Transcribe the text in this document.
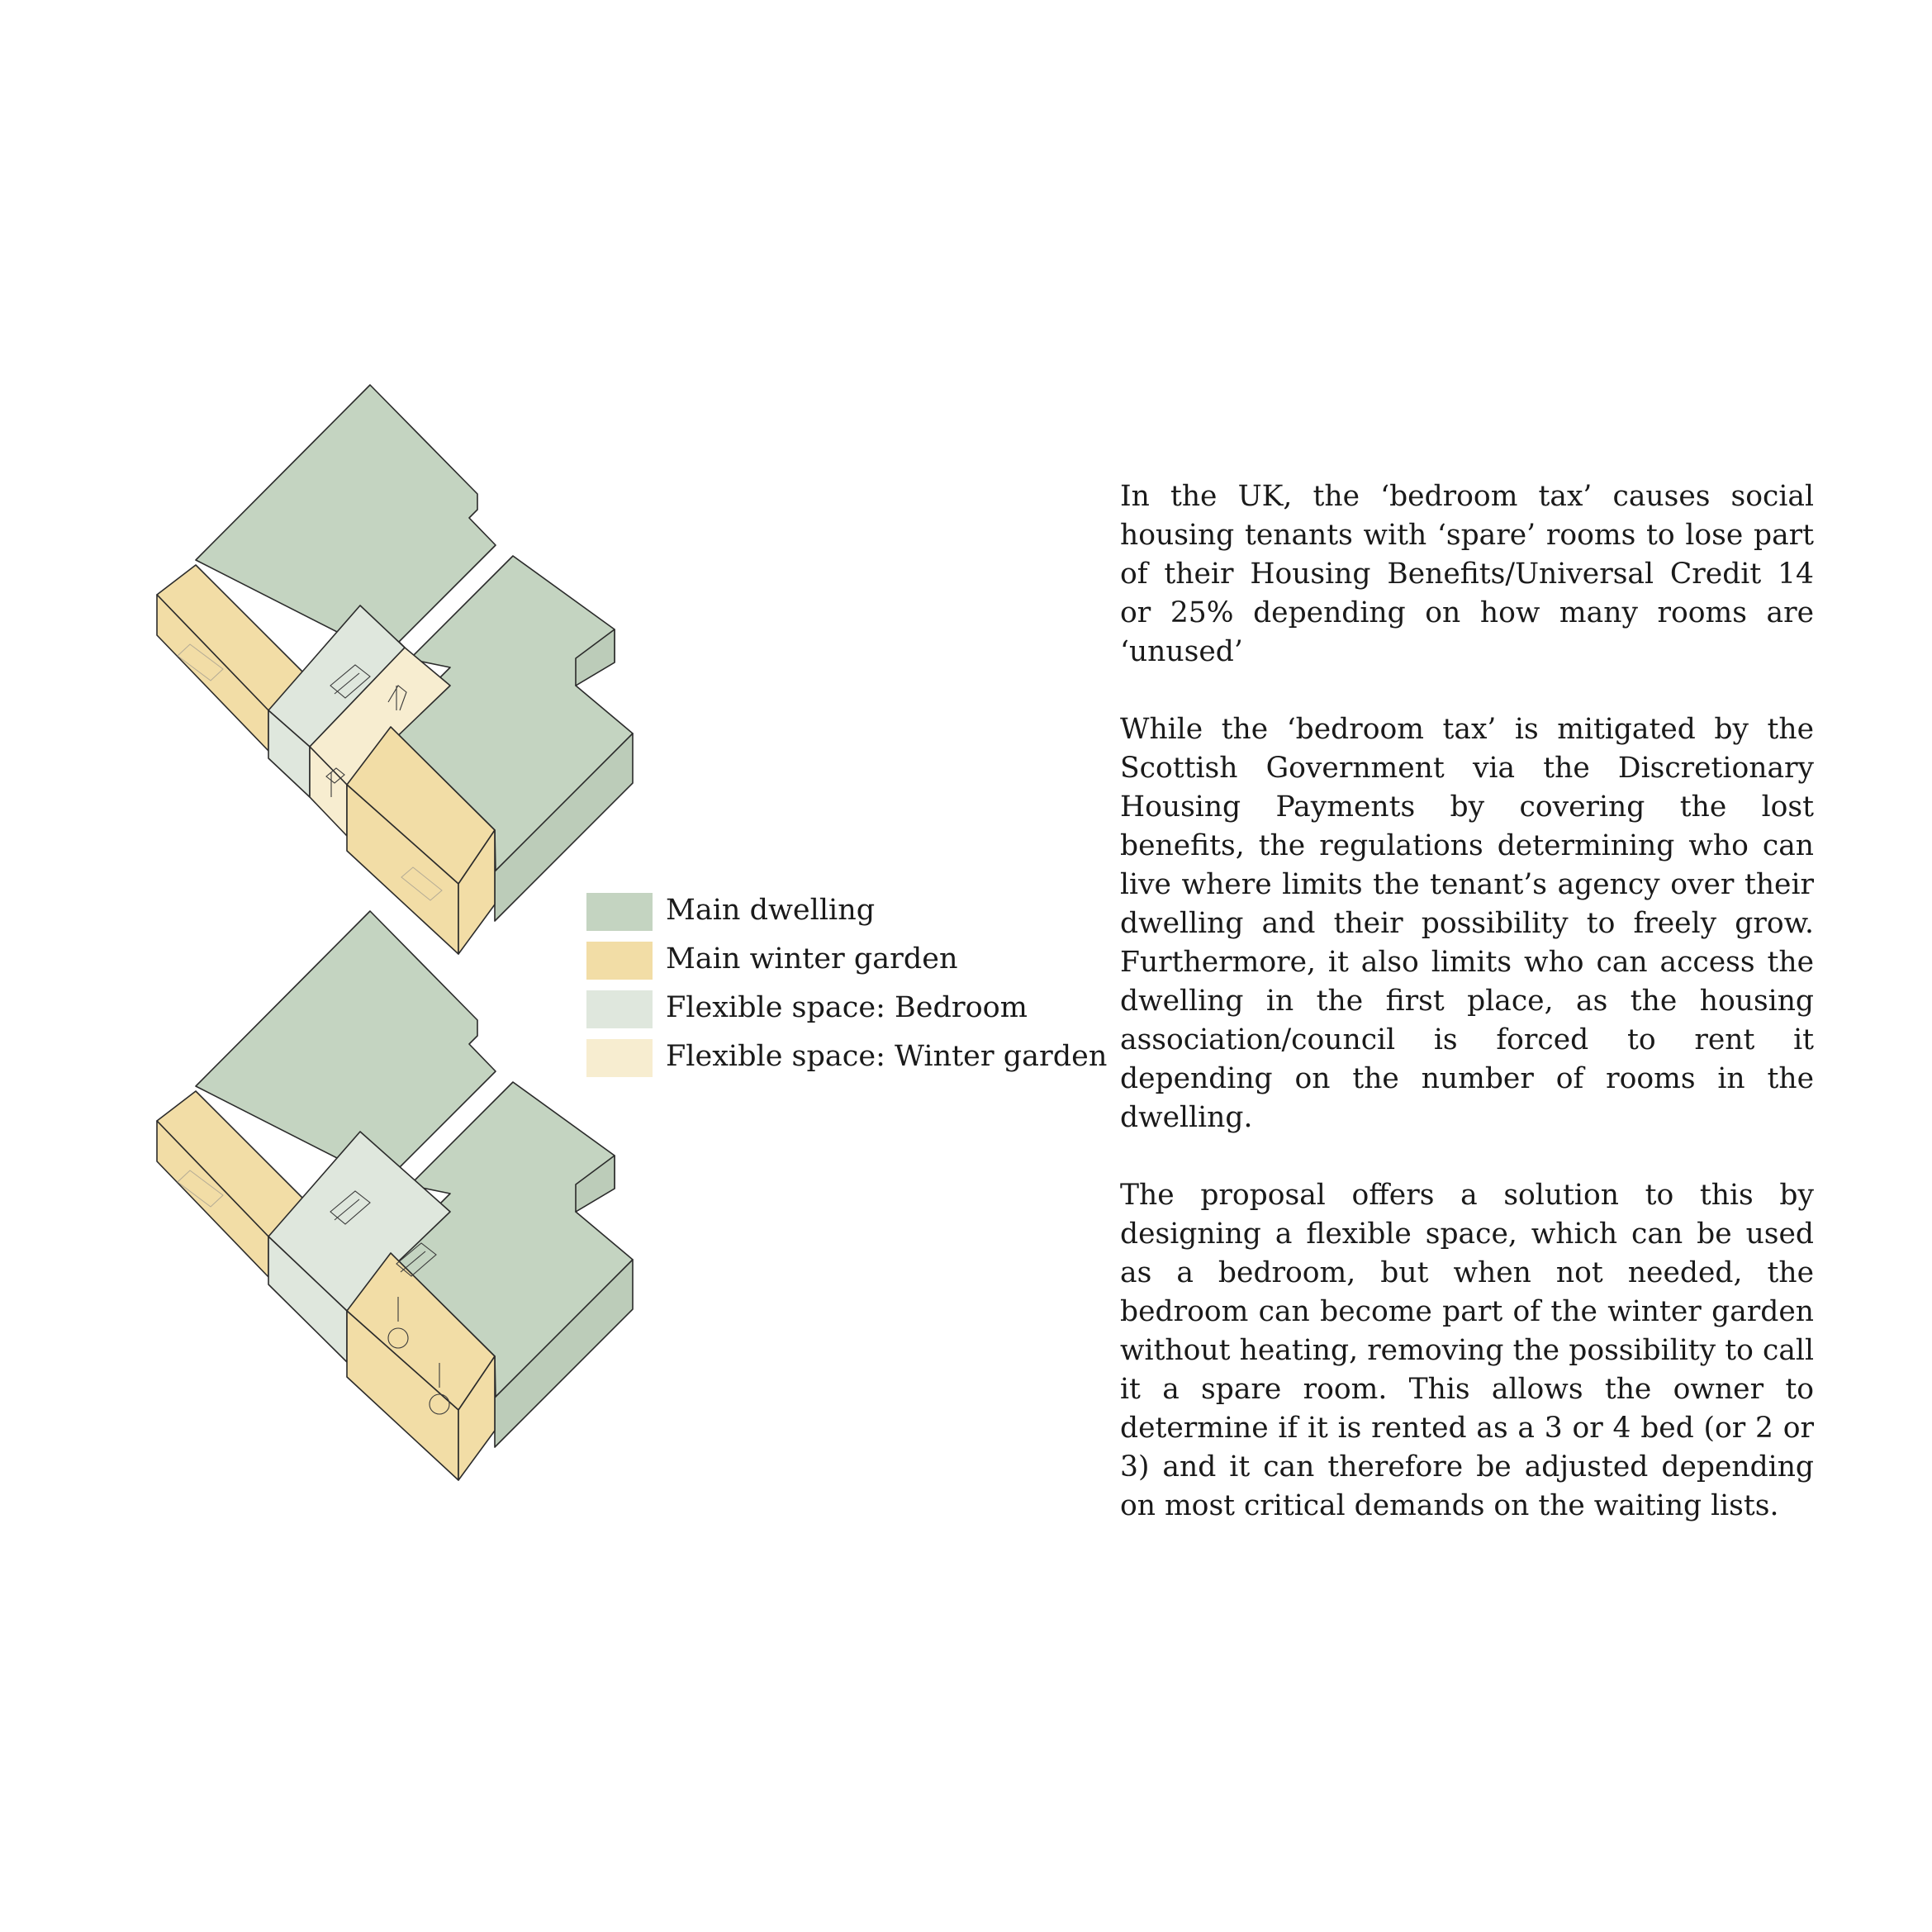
Main dwelling
Main winter garden
Flexible space: Bedroom
Flexible space: Winter garden

In the UK, the ‘bedroom tax’ causes social housing tenants with ‘spare’ rooms to lose part of their Housing Benefits/Universal Credit 14 or 25% depending on how many rooms are ‘unused’

While the ‘bedroom tax’ is mitigated by the Scottish Government via the Discretionary Housing Payments by covering the lost benefits, the regulations determining who can live where limits the tenant’s agency over their dwelling and their possibility to freely grow. Furthermore, it also limits who can access the dwelling in the first place, as the housing association/council is forced to rent it depending on the number of rooms in the dwelling.

The proposal offers a solution to this by designing a flexible space, which can be used as a bedroom, but when not needed, the bedroom can become part of the winter garden without heating, removing the possibility to call it a spare room. This allows the owner to determine if it is rented as a 3 or 4 bed (or 2 or 3) and it can therefore be adjusted depending on most critical demands on the waiting lists.
